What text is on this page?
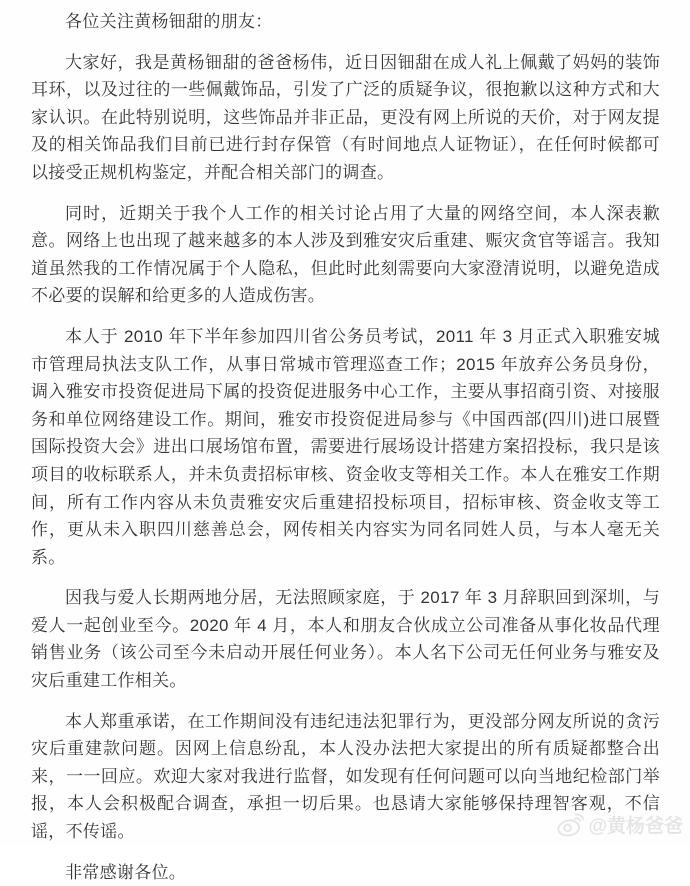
各位关注黄杨钿甜的朋友：

大家好，我是黄杨钿甜的爸爸杨伟，近日因钿甜在成人礼上佩戴了妈妈的装饰耳环，以及过往的一些佩戴饰品，引发了广泛的质疑争议，很抱歉以这种方式和大家认识。在此特别说明，这些饰品并非正品，更没有网上所说的天价，对于网友提及的相关饰品我们目前已进行封存保管（有时间地点人证物证），在任何时候都可以接受正规机构鉴定，并配合相关部门的调查。

同时，近期关于我个人工作的相关讨论占用了大量的网络空间，本人深表歉意。网络上也出现了越来越多的本人涉及到雅安灾后重建、赈灾贪官等谣言。我知道虽然我的工作情况属于个人隐私，但此时此刻需要向大家澄清说明，以避免造成不必要的误解和给更多的人造成伤害。

本人于 2010 年下半年参加四川省公务员考试，2011 年 3 月正式入职雅安城市管理局执法支队工作，从事日常城市管理巡查工作；2015 年放弃公务员身份，调入雅安市投资促进局下属的投资促进服务中心工作，主要从事招商引资、对接服务和单位网络建设工作。期间，雅安市投资促进局参与《中国西部(四川)进口展暨国际投资大会》进出口展场馆布置，需要进行展场设计搭建方案招投标，我只是该项目的收标联系人，并未负责招标审核、资金收支等相关工作。本人在雅安工作期间，所有工作内容从未负责雅安灾后重建招投标项目，招标审核、资金收支等工作，更从未入职四川慈善总会，网传相关内容实为同名同姓人员，与本人毫无关系。

因我与爱人长期两地分居，无法照顾家庭，于 2017 年 3 月辞职回到深圳，与爱人一起创业至今。2020 年 4 月，本人和朋友合伙成立公司准备从事化妆品代理销售业务（该公司至今未启动开展任何业务）。本人名下公司无任何业务与雅安及灾后重建工作相关。

本人郑重承诺，在工作期间没有违纪违法犯罪行为，更没部分网友所说的贪污灾后重建款问题。因网上信息纷乱，本人没办法把大家提出的所有质疑都整合出来，一一回应。欢迎大家对我进行监督，如发现有任何问题可以向当地纪检部门举报，本人会积极配合调查，承担一切后果。也恳请大家能够保持理智客观，不信谣，不传谣。

非常感谢各位。

@黄杨爸爸
